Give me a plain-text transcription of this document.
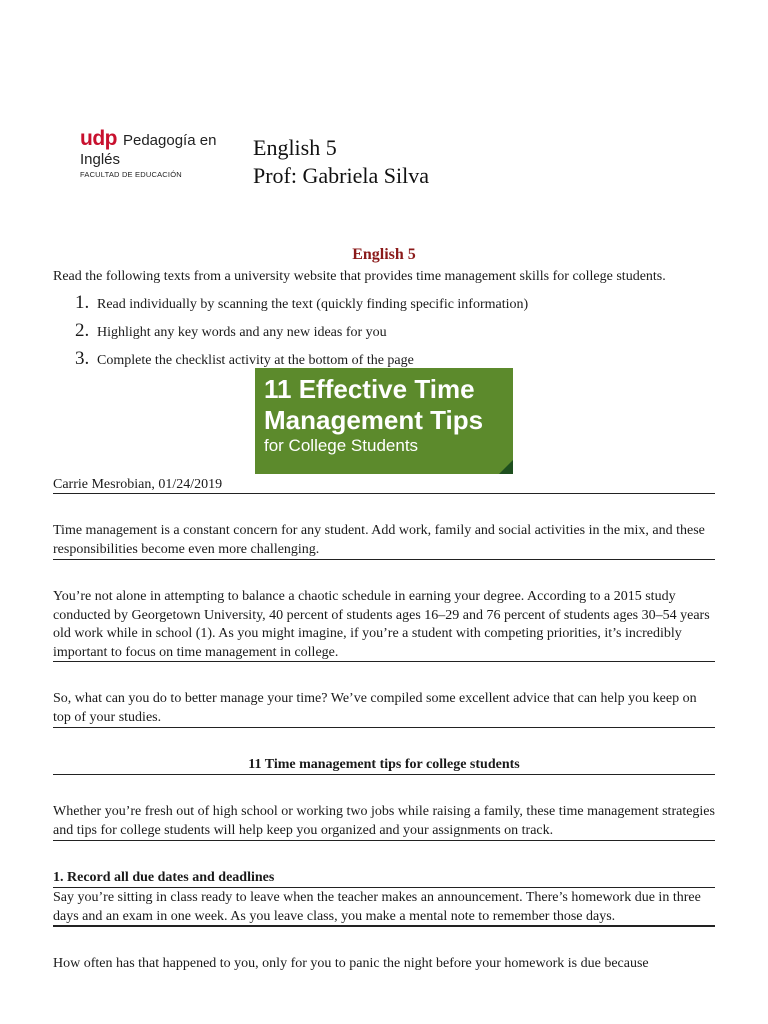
udp Pedagogía en Inglés
FACULTAD DE EDUCACIÓN
English 5
Prof: Gabriela Silva
English 5
Read the following texts from a university website that provides time management skills for college students.
1. Read individually by scanning the text (quickly finding specific information)
2. Highlight any key words and any new ideas for you
3. Complete the checklist activity at the bottom of the page
11 Effective Time
Management Tips
for College Students
Carrie Mesrobian, 01/24/2019
Time management is a constant concern for any student. Add work, family and social activities in the mix, and these responsibilities become even more challenging.
You’re not alone in attempting to balance a chaotic schedule in earning your degree. According to a 2015 study conducted by Georgetown University, 40 percent of students ages 16–29 and 76 percent of students ages 30–54 years old work while in school (1). As you might imagine, if you’re a student with competing priorities, it’s incredibly important to focus on time management in college.
So, what can you do to better manage your time? We’ve compiled some excellent advice that can help you keep on top of your studies.
11 Time management tips for college students
Whether you’re fresh out of high school or working two jobs while raising a family, these time management strategies and tips for college students will help keep you organized and your assignments on track.
1. Record all due dates and deadlines
Say you’re sitting in class ready to leave when the teacher makes an announcement. There’s homework due in three days and an exam in one week. As you leave class, you make a mental note to remember those days.
How often has that happened to you, only for you to panic the night before your homework is due because
